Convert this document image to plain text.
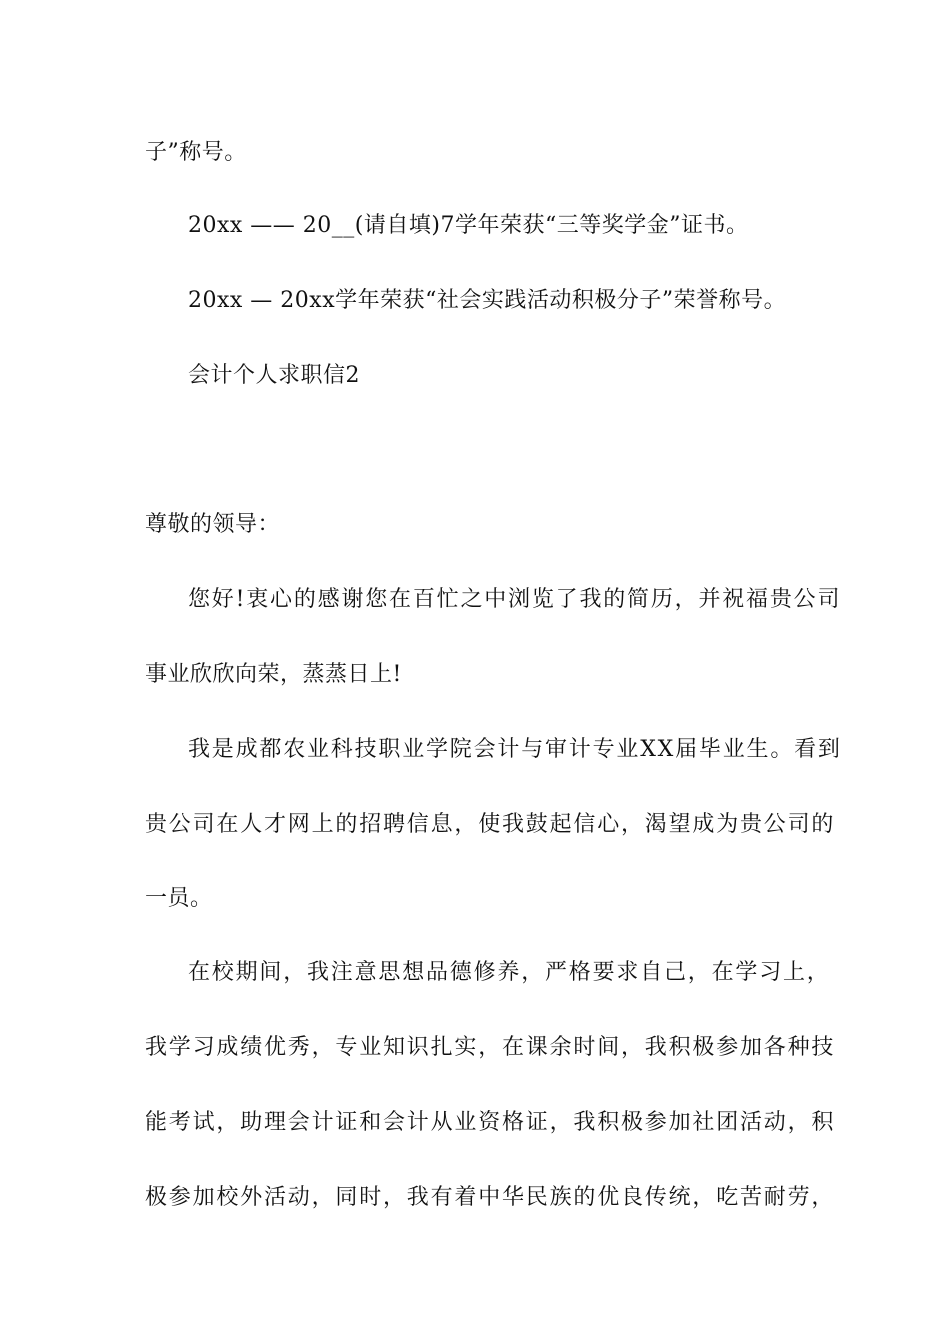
子”称号。
20xx —— 20__(请自填)7学年荣获“三等奖学金”证书。
20xx — 20xx学年荣获“社会实践活动积极分子”荣誉称号。
会计个人求职信2
尊敬的领导：
您好!衷心的感谢您在百忙之中浏览了我的简历，并祝福贵公司
事业欣欣向荣，蒸蒸日上!
我是成都农业科技职业学院会计与审计专业XX届毕业生。看到
贵公司在人才网上的招聘信息，使我鼓起信心，渴望成为贵公司的
一员。
在校期间，我注意思想品德修养，严格要求自己，在学习上，
我学习成绩优秀，专业知识扎实，在课余时间，我积极参加各种技
能考试，助理会计证和会计从业资格证，我积极参加社团活动，积
极参加校外活动，同时，我有着中华民族的优良传统，吃苦耐劳，
